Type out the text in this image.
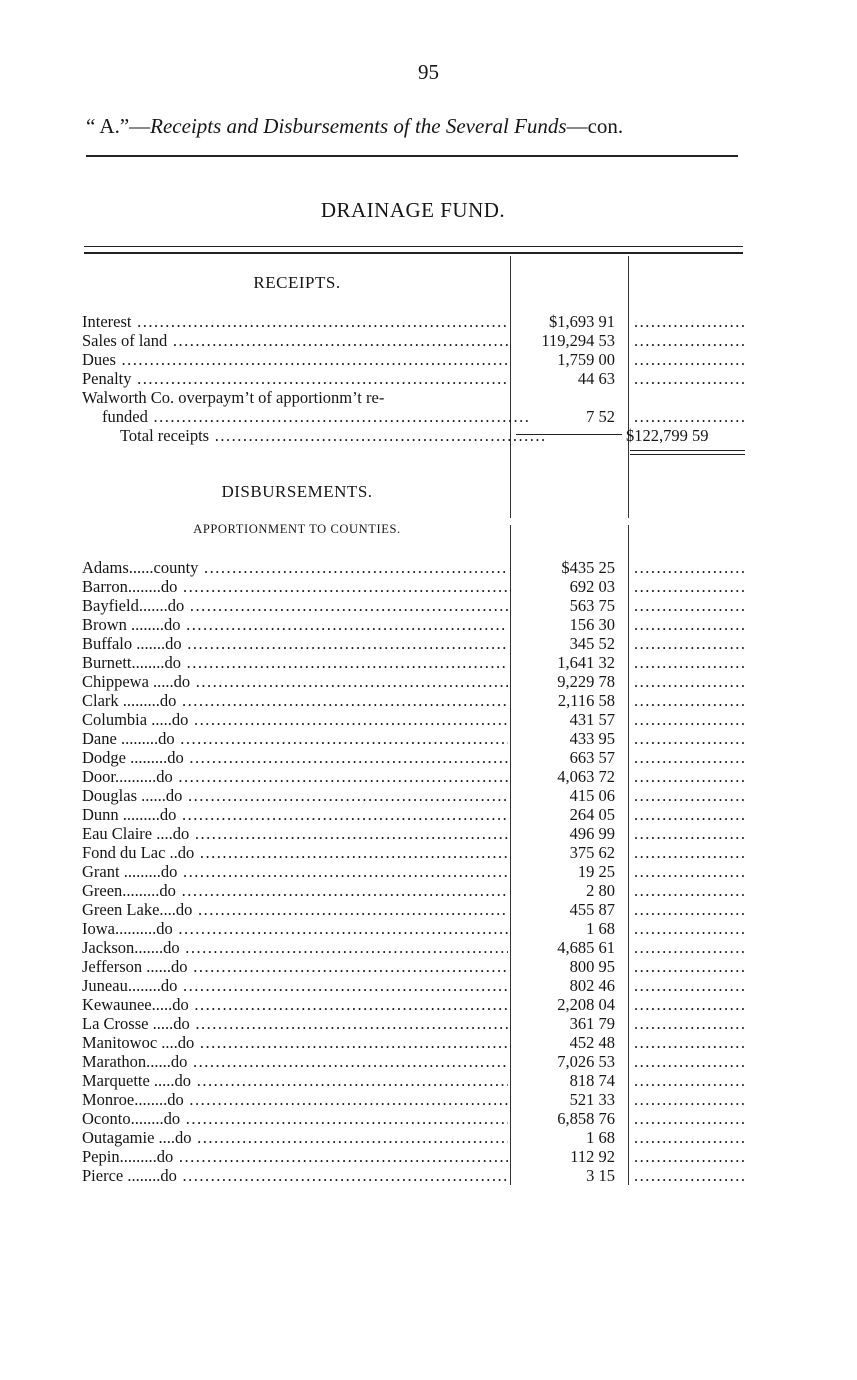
95
“ A.”—Receipts and Disbursements of the Several Funds—con.
DRAINAGE FUND.
RECEIPTS.
Interest .....	$1,693 91
.....
Sales of land .....	119,294 53
.....
Dues .....	1,759 00
.....
Penalty .....	44 63
.....
Walworth Co. overpaym’t of apportionm’t re-
funded .....	7 52
.....
Total receipts .....	$122,799 59
DISBURSEMENTS.
APPORTIONMENT TO COUNTIES.
Adams......county .....	$435 25
.....
Barron........do .....	692 03
.....
Bayfield.......do .....	563 75
.....
Brown ........do .....	156 30
.....
Buffalo .......do .....	345 52
.....
Burnett........do .....	1,641 32
.....
Chippewa .....do .....	9,229 78
.....
Clark .........do .....	2,116 58
.....
Columbia .....do .....	431 57
.....
Dane .........do .....	433 95
.....
Dodge .........do .....	663 57
.....
Door..........do .....	4,063 72
.....
Douglas ......do .....	415 06
.....
Dunn .........do .....	264 05
.....
Eau Claire ....do .....	496 99
.....
Fond du Lac ..do .....	375 62
.....
Grant .........do .....	19 25
.....
Green.........do .....	2 80
.....
Green Lake....do .....	455 87
.....
Iowa..........do .....	1 68
.....
Jackson.......do .....	4,685 61
.....
Jefferson ......do .....	800 95
.....
Juneau........do .....	802 46
.....
Kewaunee.....do .....	2,208 04
.....
La Crosse .....do .....	361 79
.....
Manitowoc ....do .....	452 48
.....
Marathon......do .....	7,026 53
.....
Marquette .....do .....	818 74
.....
Monroe........do .....	521 33
.....
Oconto........do .....	6,858 76
.....
Outagamie ....do .....	1 68
.....
Pepin.........do .....	112 92
.....
Pierce ........do .....	3 15
.....
